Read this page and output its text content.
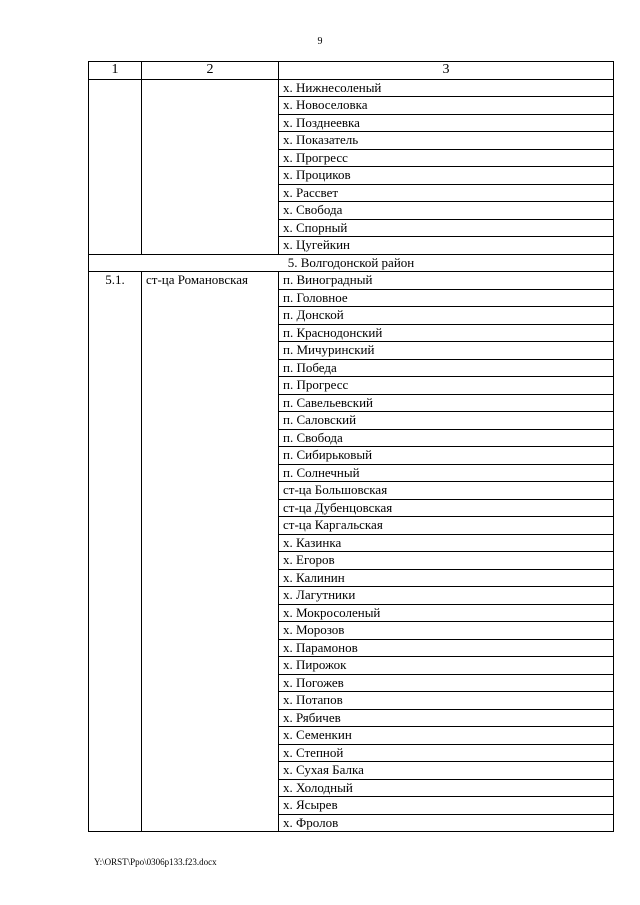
9
1	2	3
		х. Нижнесоленый
		х. Новоселовка
		х. Позднеевка
		х. Показатель
		х. Прогресс
		х. Проциков
		х. Рассвет
		х. Свобода
		х. Спорный
		х. Цугейкин
5. Волгодонской район		
5.1.	ст-ца Романовская	п. Виноградный
		п. Головное
		п. Донской
		п. Краснодонский
		п. Мичуринский
		п. Победа
		п. Прогресс
		п. Савельевский
		п. Саловский
		п. Свобода
		п. Сибирьковый
		п. Солнечный
		ст-ца Большовская
		ст-ца Дубенцовская
		ст-ца Каргальская
		х. Казинка
		х. Егоров
		х. Калинин
		х. Лагутники
		х. Мокросоленый
		х. Морозов
		х. Парамонов
		х. Пирожок
		х. Погожев
		х. Потапов
		х. Рябичев
		х. Семенкин
		х. Степной
		х. Сухая Балка
		х. Холодный
		х. Ясырев
		х. Фролов
Y:\ORST\Ppo\0306p133.f23.docx
